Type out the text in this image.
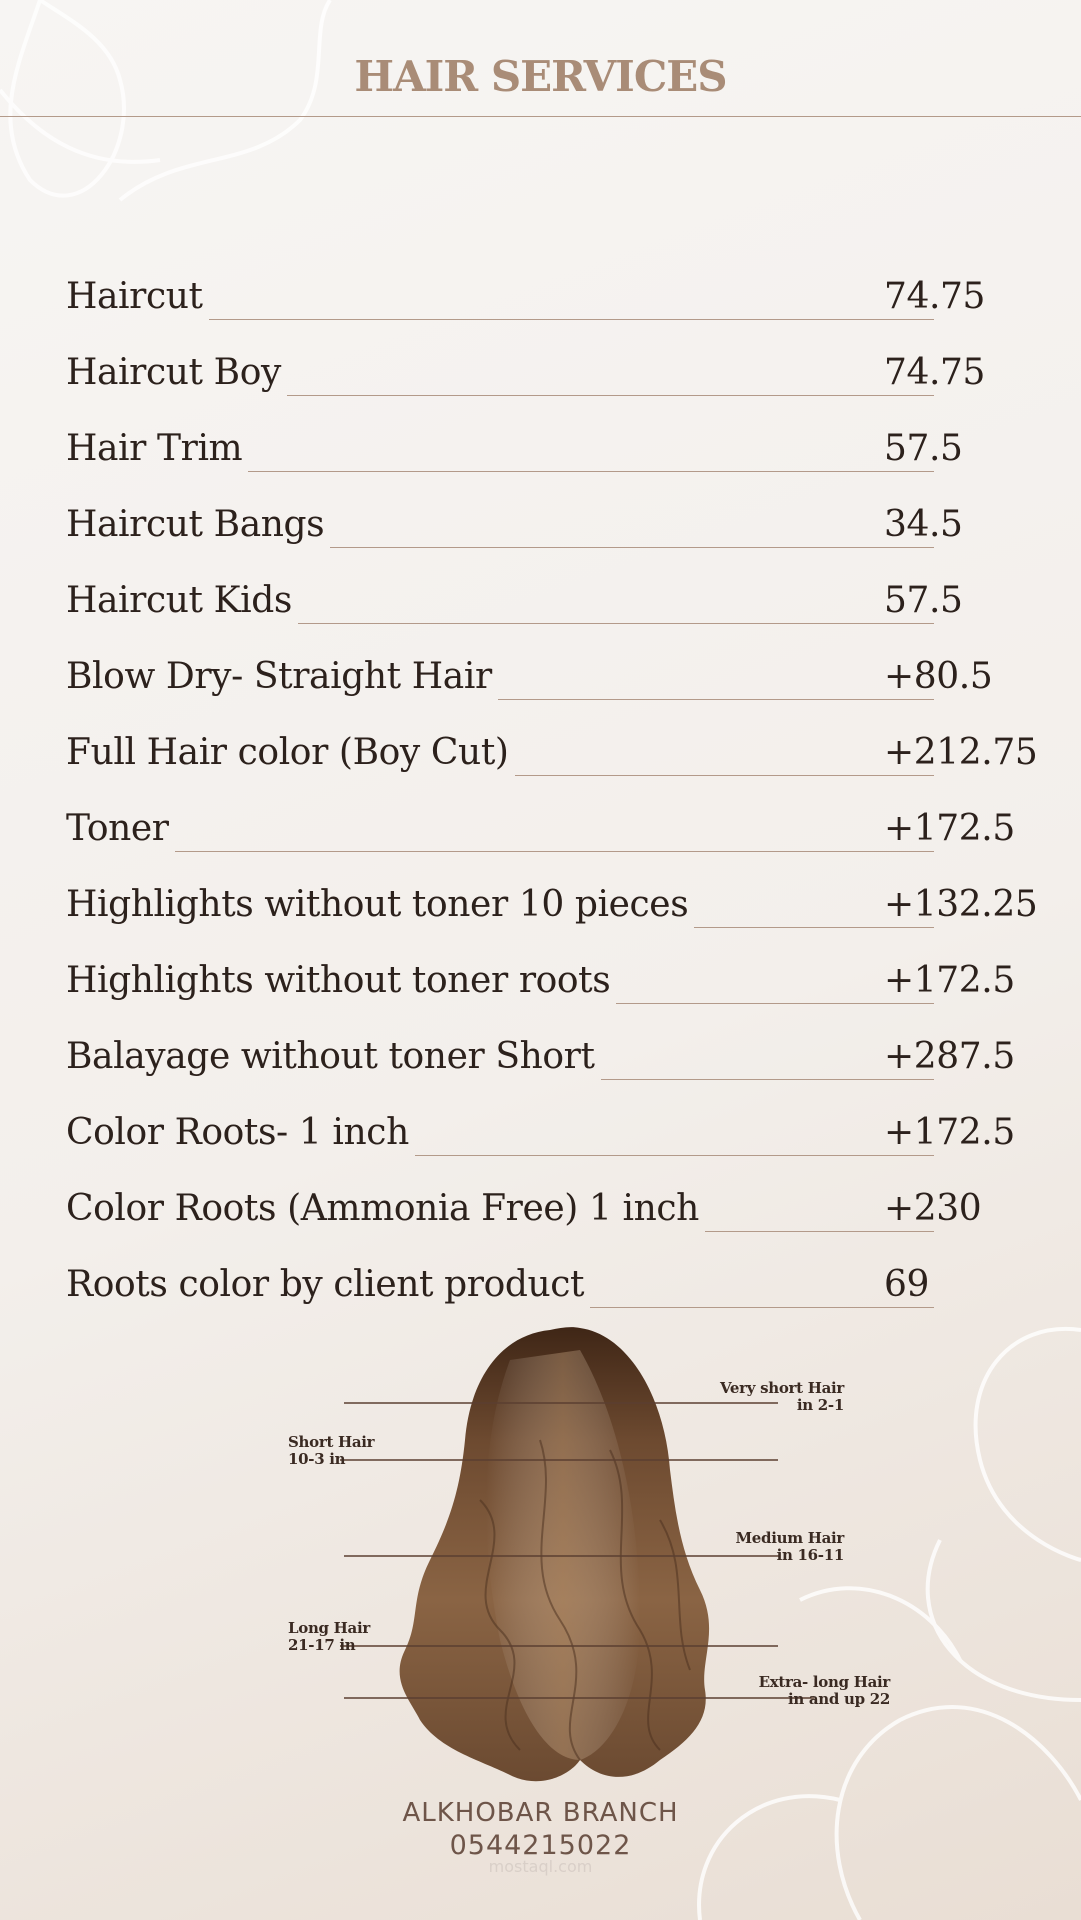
HAIR SERVICES
Haircut	74.75
Haircut Boy	74.75
Hair Trim	57.5
Haircut Bangs	34.5
Haircut Kids	57.5
Blow Dry- Straight Hair	+80.5
Full Hair color (Boy Cut)	+212.75
Toner	+172.5
Highlights without toner 10 pieces	+132.25
Highlights without toner roots	+172.5
Balayage without toner Short	+287.5
Color Roots- 1 inch	+172.5
Color Roots (Ammonia Free) 1 inch	+230
Roots color by client product	69
Very short Hair
in 2-1
Short Hair
10-3 in
Medium Hair
in 16-11
Long Hair
21-17 in
Extra- long Hair
in and up 22
ALKHOBAR BRANCH
0544215022
mostaql.com
